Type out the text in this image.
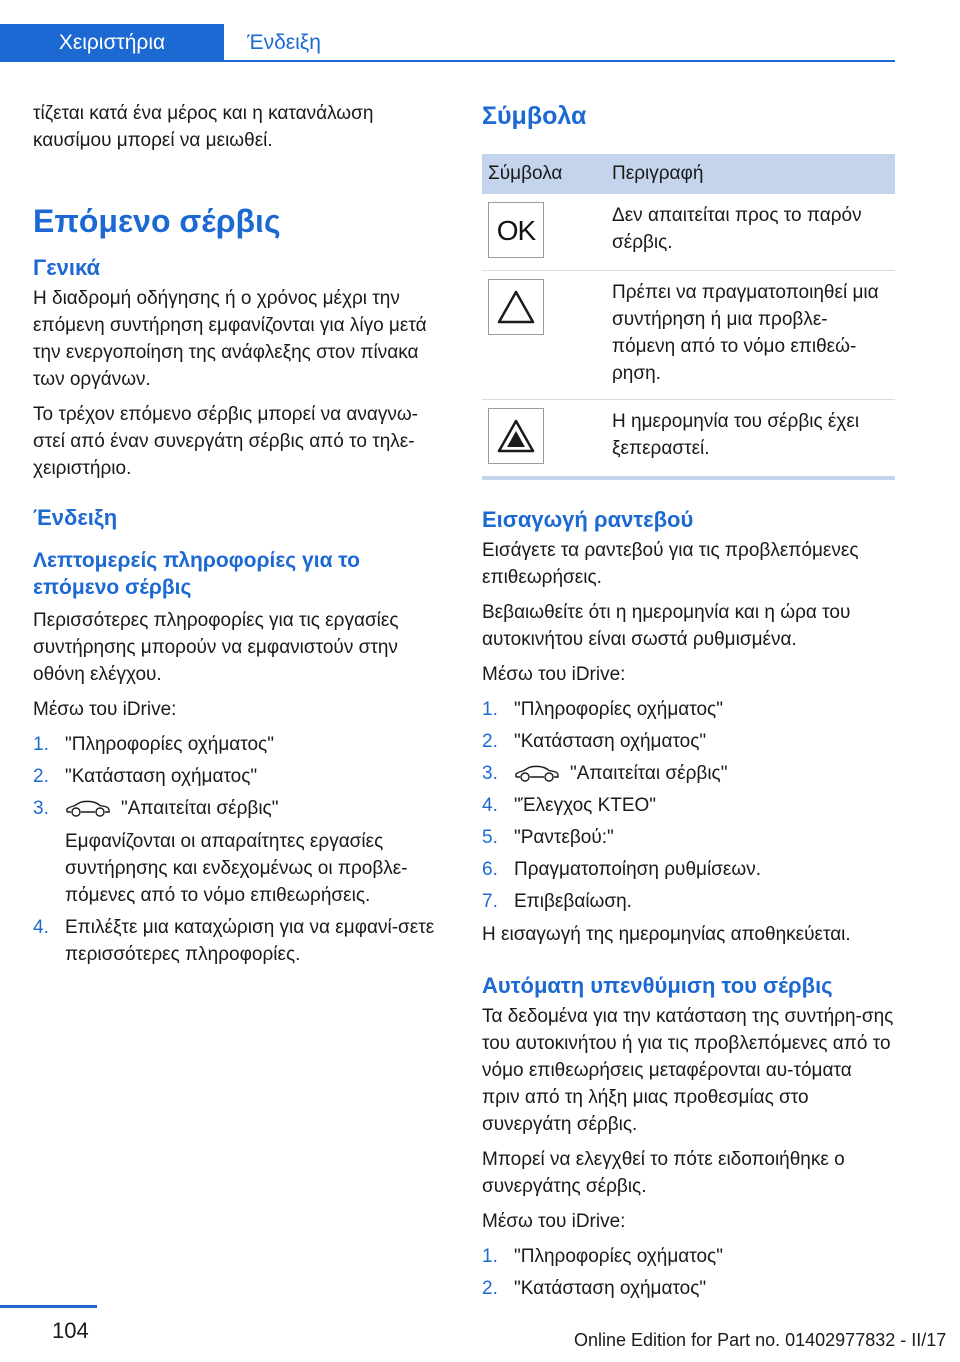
Χειριστήρια	Ένδειξη

τίζεται κατά ένα μέρος και η κατανάλωση καυσίμου μπορεί να μειωθεί.

Επόμενο σέρβις
Γενικά

Η διαδρομή οδήγησης ή ο χρόνος μέχρι την επόμενη συντήρηση εμφανίζονται για λίγο μετά την ενεργοποίηση της ανάφλεξης στον πίνακα των οργάνων.

Το τρέχον επόμενο σέρβις μπορεί να αναγνω‐στεί από έναν συνεργάτη σέρβις από το τηλε‐χειριστήριο.

Ένδειξη
Λεπτομερείς πληροφορίες για το επόμενο σέρβις

Περισσότερες πληροφορίες για τις εργασίες συντήρησης μπορούν να εμφανιστούν στην οθόνη ελέγχου.

Μέσω του iDrive:

1. "Πληροφορίες οχήματος"
2. "Κατάσταση οχήματος"
3.	"Απαιτείται σέρβις"
Εμφανίζονται οι απαραίτητες εργασίες συντήρησης και ενδεχομένως οι προβλε‐πόμενες από το νόμο επιθεωρήσεις.
4. Επιλέξτε μια καταχώριση για να εμφανί‐σετε περισσότερες πληροφορίες.
Σύμβολα
Σύμβολα	Περιγραφή

OK	Δεν απαιτείται προς το παρόν σέρβις.

	Πρέπει να πραγματοποιηθεί μια συντήρηση ή μια προβλε‐πόμενη από το νόμο επιθεώ‐ρηση.

	Η ημερομηνία του σέρβις έχει ξεπεραστεί.
Εισαγωγή ραντεβού

Εισάγετε τα ραντεβού για τις προβλεπόμενες επιθεωρήσεις.

Βεβαιωθείτε ότι η ημερομηνία και η ώρα του αυτοκινήτου είναι σωστά ρυθμισμένα.

Μέσω του iDrive:

1. "Πληροφορίες οχήματος"
2. "Κατάσταση οχήματος"
3.	"Απαιτείται σέρβις"
4. "Έλεγχος ΚΤΕΟ"
5. "Ραντεβού:"
6. Πραγματοποίηση ρυθμίσεων.
7. Επιβεβαίωση.

Η εισαγωγή της ημερομηνίας αποθηκεύεται.

Αυτόματη υπενθύμιση του σέρβις

Τα δεδομένα για την κατάσταση της συντήρη‐σης του αυτοκινήτου ή για τις προβλεπόμενες από το νόμο επιθεωρήσεις μεταφέρονται αυ‐τόματα πριν από τη λήξη μιας προθεσμίας στο συνεργάτη σέρβις.

Μπορεί να ελεγχθεί το πότε ειδοποιήθηκε ο συνεργάτης σέρβις.

Μέσω του iDrive:

1. "Πληροφορίες οχήματος"
2. "Κατάσταση οχήματος"
104	Online Edition for Part no. 01402977832 - II/17
